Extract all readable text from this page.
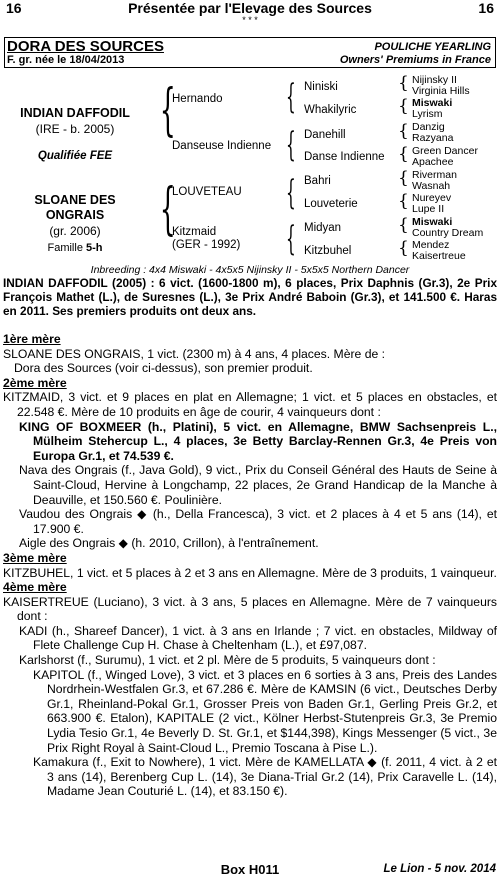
16	Présentée par l'Elevage des Sources	16
* * *
DORA DES SOURCES	POULICHE YEARLING
F. gr. née le 18/04/2013	Owners' Premiums in France
INDIAN DAFFODIL
(IRE - b. 2005)
Qualifiée FEE
SLOANE DES
ONGRAIS
(gr. 2006)
Famille 5-h
{
{
Hernando
Danseuse Indienne
LOUVETEAU
Kitzmaid
(GER - 1992)
{
{
{
{
Niniski
Whakilyric
Danehill
Danse Indienne
Bahri
Louveterie
Midyan
Kitzbuhel
{
{
{
{
{
{
{
{
Nijinsky II
Virginia Hills
Miswaki
Lyrism
Danzig
Razyana
Green Dancer
Apachee
Riverman
Wasnah
Nureyev
Lupe II
Miswaki
Country Dream
Mendez
Kaisertreue
Inbreeding : 4x4 Miswaki - 4x5x5 Nijinsky II - 5x5x5 Northern Dancer

INDIAN DAFFODIL (2005) : 6 vict. (1600-1800 m), 6 places, Prix Daphnis (Gr.3), 2e Prix François Mathet (L.), de Suresnes (L.), 3e Prix André Baboin (Gr.3), et 141.500 €. Haras en 2011. Ses premiers produits ont deux ans.

1ère mère

SLOANE DES ONGRAIS, 1 vict. (2300 m) à 4 ans, 4 places. Mère de :

Dora des Sources (voir ci-dessus), son premier produit.

2ème mère

KITZMAID, 3 vict. et 9 places en plat en Allemagne; 1 vict. et 5 places en obstacles, et 22.548 €. Mère de 10 produits en âge de courir, 4 vainqueurs dont :

KING OF BOXMEER (h., Platini), 5 vict. en Allemagne, BMW Sachsenpreis L., Mülheim Stehercup L., 4 places, 3e Betty Barclay-Rennen Gr.3, 4e Preis von Europa Gr.1, et 74.539 €.

Nava des Ongrais (f., Java Gold), 9 vict., Prix du Conseil Général des Hauts de Seine à Saint-Cloud, Hervine à Longchamp, 22 places, 2e Grand Handicap de la Manche à Deauville, et 150.560 €. Poulinière.

Vaudou des Ongrais ◆ (h., Della Francesca), 3 vict. et 2 places à 4 et 5 ans (14), et 17.900 €.

Aigle des Ongrais ◆ (h. 2010, Crillon), à l'entraînement.

3ème mère

KITZBUHEL, 1 vict. et 5 places à 2 et 3 ans en Allemagne. Mère de 3 produits, 1 vainqueur.

4ème mère

KAISERTREUE (Luciano), 3 vict. à 3 ans, 5 places en Allemagne. Mère de 7 vainqueurs dont :

KADI (h., Shareef Dancer), 1 vict. à 3 ans en Irlande ; 7 vict. en obstacles, Mildway of Flete Challenge Cup H. Chase à Cheltenham (L.), et £97,087.

Karlshorst (f., Surumu), 1 vict. et 2 pl. Mère de 5 produits, 5 vainqueurs dont :

KAPITOL (f., Winged Love), 3 vict. et 3 places en 6 sorties à 3 ans, Preis des Landes Nordrhein-Westfalen Gr.3, et 67.286 €. Mère de KAMSIN (6 vict., Deutsches Derby Gr.1, Rheinland-Pokal Gr.1, Grosser Preis von Baden Gr.1, Gerling Preis Gr.2, et 663.900 €. Etalon), KAPITALE (2 vict., Kölner Herbst-Stutenpreis Gr.3, 3e Premio Lydia Tesio Gr.1, 4e Beverly D. St. Gr.1, et $144,398), Kings Messenger (5 vict., 3e Prix Right Royal à Saint-Cloud L., Premio Toscana à Pise L.).

Kamakura (f., Exit to Nowhere), 1 vict. Mère de KAMELLATA ◆ (f. 2011, 4 vict. à 2 et 3 ans (14), Berenberg Cup L. (14), 3e Diana-Trial Gr.2 (14), Prix Caravelle L. (14), Madame Jean Couturié L. (14), et 83.150 €).

Box H011	Le Lion - 5 nov. 2014
